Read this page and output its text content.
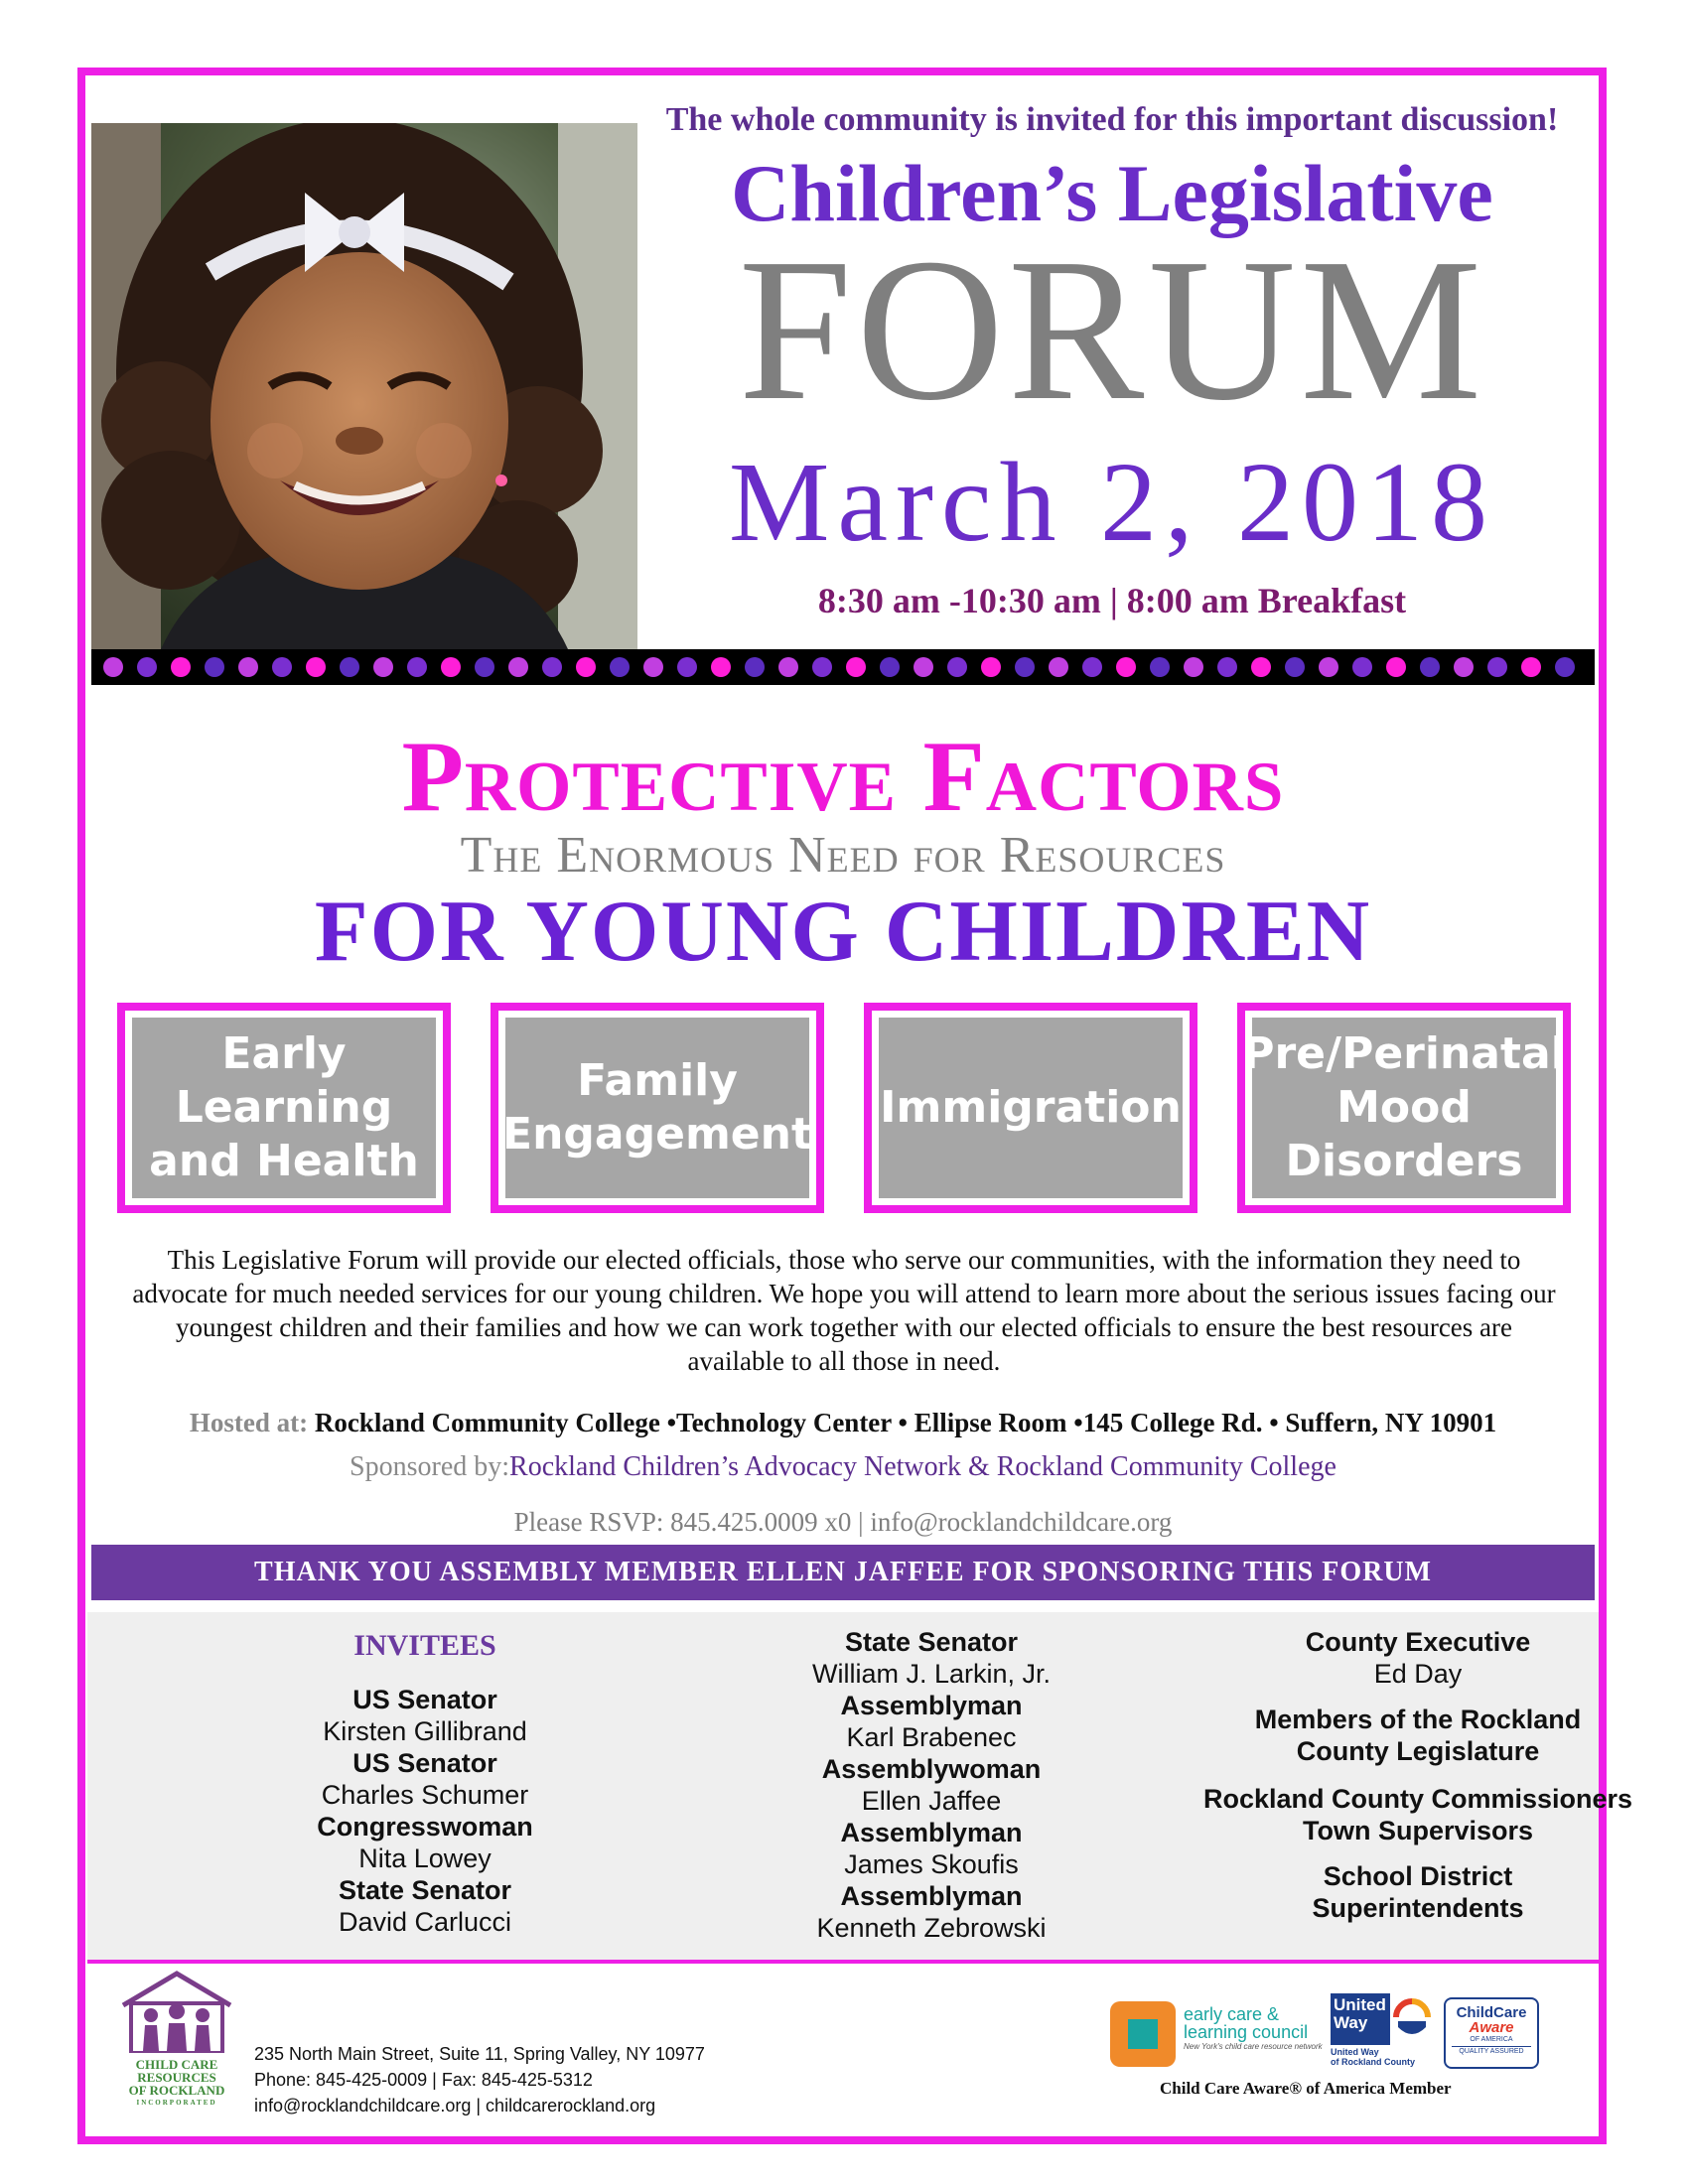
The whole community is invited for this important discussion!
Children’s Legislative
FORUM
March 2, 2018
8:30 am -10:30 am | 8:00 am Breakfast
Protective Factors
The Enormous Need for Resources
FOR YOUNG CHILDREN
Early Learning and Health
Family Engagement
Immigration
Pre/Perinatal Mood Disorders
This Legislative Forum will provide our elected officials, those who serve our communities, with the information they need to advocate for much needed services for our young children. We hope you will attend to learn more about the serious issues facing our youngest children and their families and how we can work together with our elected officials to ensure the best resources are available to all those in need.
Hosted at: Rockland Community College •Technology Center • Ellipse Room •145 College Rd. • Suffern, NY 10901
Sponsored by:Rockland Children’s Advocacy Network & Rockland Community College
Please RSVP: 845.425.0009 x0 | info@rocklandchildcare.org
THANK YOU ASSEMBLY MEMBER ELLEN JAFFEE FOR SPONSORING THIS FORUM
INVITEES
US Senator
Kirsten Gillibrand
US Senator
Charles Schumer
Congresswoman
Nita Lowey
State Senator
David Carlucci
State Senator
William J. Larkin, Jr.
Assemblyman
Karl Brabenec
Assemblywoman
Ellen Jaffee
Assemblyman
James Skoufis
Assemblyman
Kenneth Zebrowski
County Executive
Ed Day
Members of the Rockland
County Legislature
Rockland County Commissioners
Town Supervisors
School District
Superintendents
CHILD CARE
RESOURCES
OF ROCKLAND
INCORPORATED
235 North Main Street, Suite 11, Spring Valley, NY 10977
Phone: 845-425-0009 | Fax: 845-425-5312
info@rocklandchildcare.org | childcarerockland.org
early care &
learning council
New York's child care resource network
United
Way
United Way
of Rockland County
ChildCare
Aware
OF AMERICA
QUALITY ASSURED
Child Care Aware® of America Member
